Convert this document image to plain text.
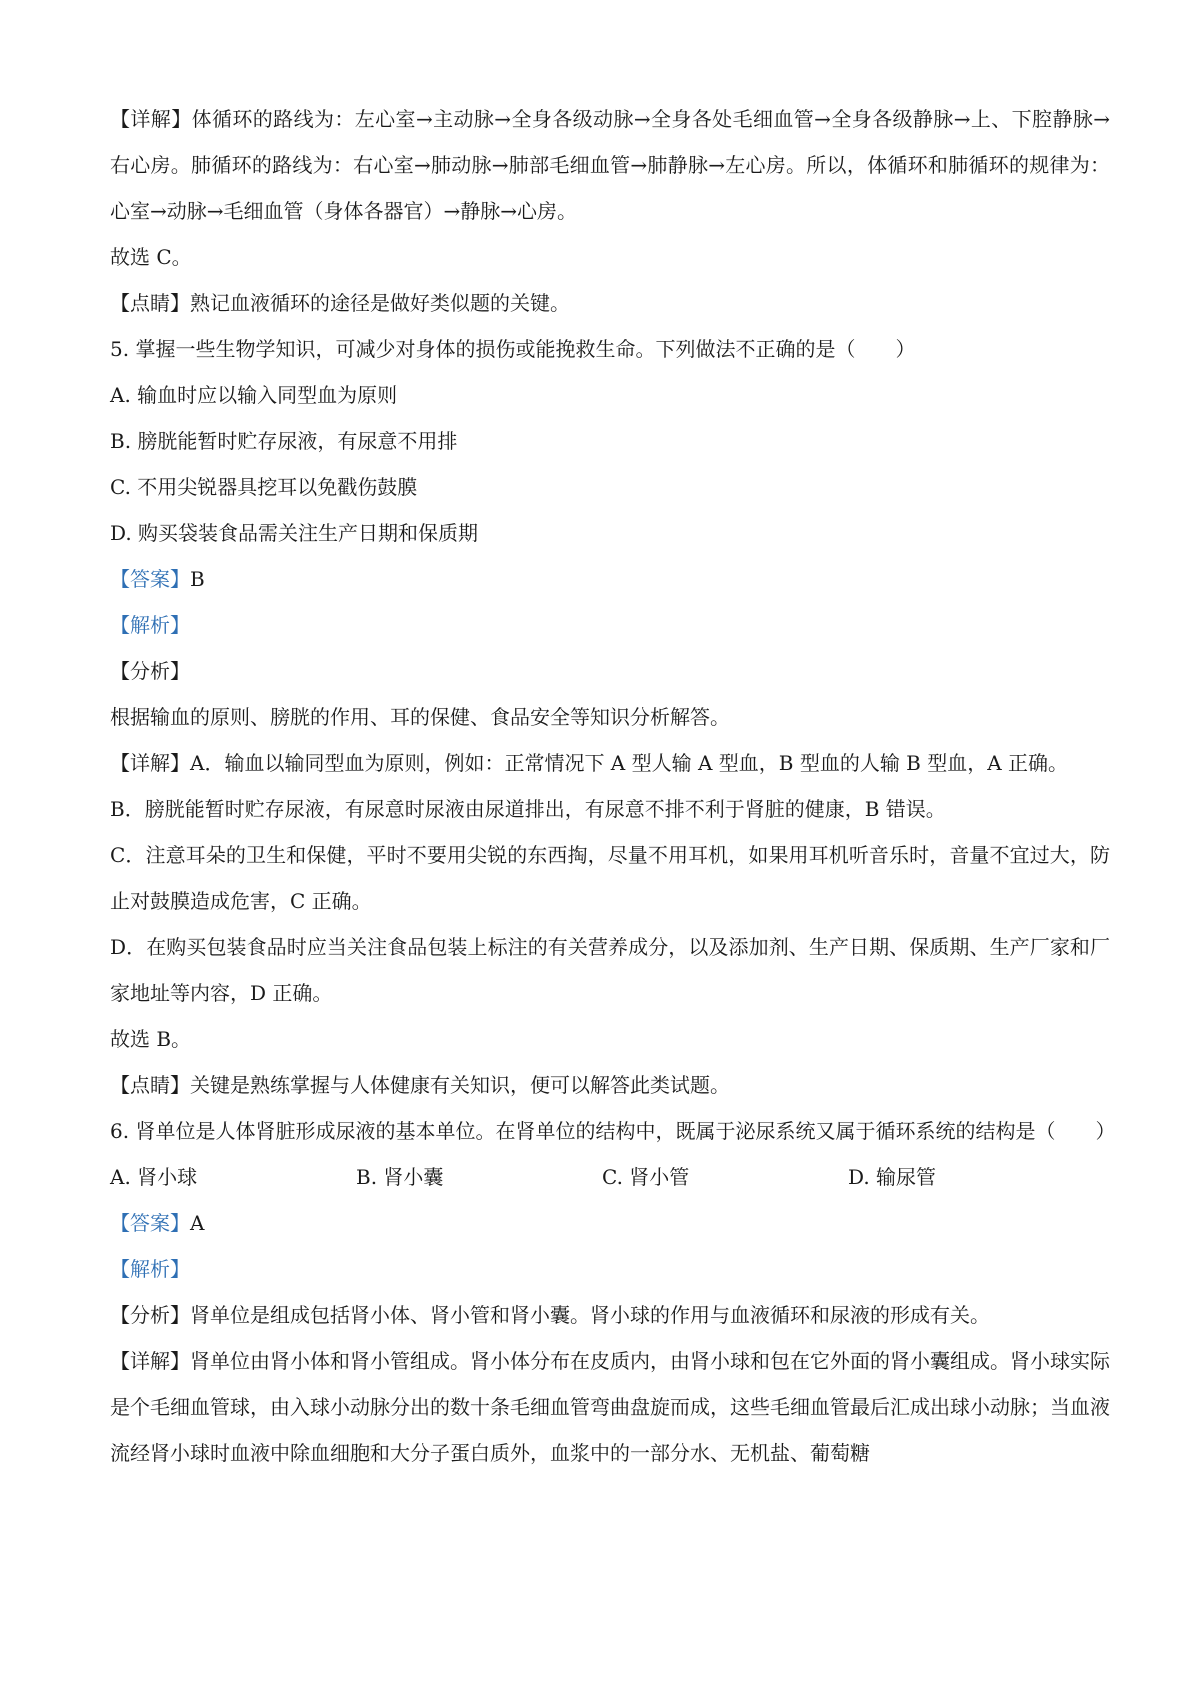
【详解】体循环的路线为：左心室→主动脉→全身各级动脉→全身各处毛细血管→全身各级静脉→上、下腔静脉→右心房。肺循环的路线为：右心室→肺动脉→肺部毛细血管→肺静脉→左心房。所以，体循环和肺循环的规律为：心室→动脉→毛细血管（身体各器官）→静脉→心房。

故选 C。

【点睛】熟记血液循环的途径是做好类似题的关键。

5. 掌握一些生物学知识，可减少对身体的损伤或能挽救生命。下列做法不正确的是（　　）

A. 输血时应以输入同型血为原则

B. 膀胱能暂时贮存尿液，有尿意不用排

C. 不用尖锐器具挖耳以免戳伤鼓膜

D. 购买袋装食品需关注生产日期和保质期

【答案】B

【解析】

【分析】

根据输血的原则、膀胱的作用、耳的保健、食品安全等知识分析解答。

【详解】A．输血以输同型血为原则，例如：正常情况下 A 型人输 A 型血，B 型血的人输 B 型血，A 正确。

B．膀胱能暂时贮存尿液，有尿意时尿液由尿道排出，有尿意不排不利于肾脏的健康，B 错误。

C．注意耳朵的卫生和保健，平时不要用尖锐的东西掏，尽量不用耳机，如果用耳机听音乐时，音量不宜过大，防止对鼓膜造成危害，C 正确。

D．在购买包装食品时应当关注食品包装上标注的有关营养成分，以及添加剂、生产日期、保质期、生产厂家和厂家地址等内容，D 正确。

故选 B。

【点睛】关键是熟练掌握与人体健康有关知识，便可以解答此类试题。

6. 肾单位是人体肾脏形成尿液的基本单位。在肾单位的结构中，既属于泌尿系统又属于循环系统的结构是（　　）

A. 肾小球	B. 肾小囊	C. 肾小管	D. 输尿管

【答案】A

【解析】

【分析】肾单位是组成包括肾小体、肾小管和肾小囊。肾小球的作用与血液循环和尿液的形成有关。

【详解】肾单位由肾小体和肾小管组成。肾小体分布在皮质内，由肾小球和包在它外面的肾小囊组成。肾小球实际是个毛细血管球，由入球小动脉分出的数十条毛细血管弯曲盘旋而成，这些毛细血管最后汇成出球小动脉；当血液流经肾小球时血液中除血细胞和大分子蛋白质外，血浆中的一部分水、无机盐、葡萄糖
